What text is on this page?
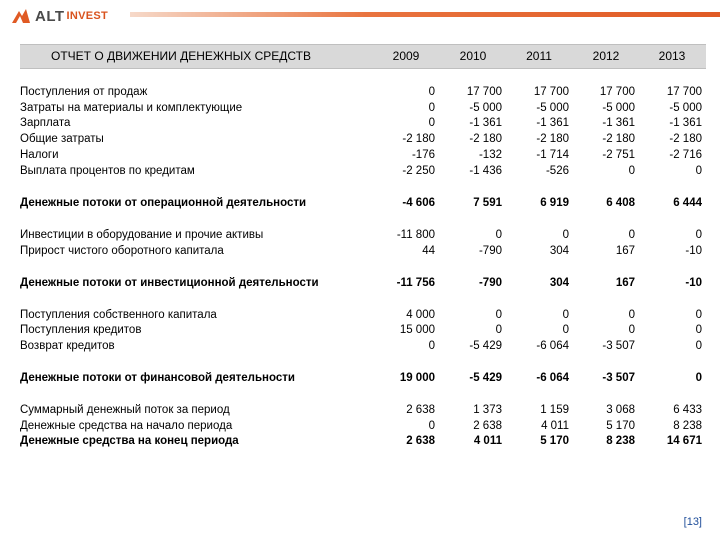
ALT INVEST
ОТЧЕТ О ДВИЖЕНИИ ДЕНЕЖНЫХ СРЕДСТВ	2009	2010	2011	2012	2013
Поступления от продаж	0	17 700	17 700	17 700	17 700
Затраты на материалы и комплектующие	0	-5 000	-5 000	-5 000	-5 000
Зарплата	0	-1 361	-1 361	-1 361	-1 361
Общие затраты	-2 180	-2 180	-2 180	-2 180	-2 180
Налоги	-176	-132	-1 714	-2 751	-2 716
Выплата процентов по кредитам	-2 250	-1 436	-526	0	0
Денежные потоки от операционной деятельности	-4 606	7 591	6 919	6 408	6 444
Инвестиции в оборудование и прочие активы	-11 800	0	0	0	0
Прирост чистого оборотного капитала	44	-790	304	167	-10
Денежные потоки от инвестиционной деятельности	-11 756	-790	304	167	-10
Поступления собственного капитала	4 000	0	0	0	0
Поступления кредитов	15 000	0	0	0	0
Возврат кредитов	0	-5 429	-6 064	-3 507	0
Денежные потоки от финансовой деятельности	19 000	-5 429	-6 064	-3 507	0
Суммарный денежный поток за период	2 638	1 373	1 159	3 068	6 433
Денежные средства на начало периода	0	2 638	4 011	5 170	8 238
Денежные средства на конец периода	2 638	4 011	5 170	8 238	14 671
[13]
